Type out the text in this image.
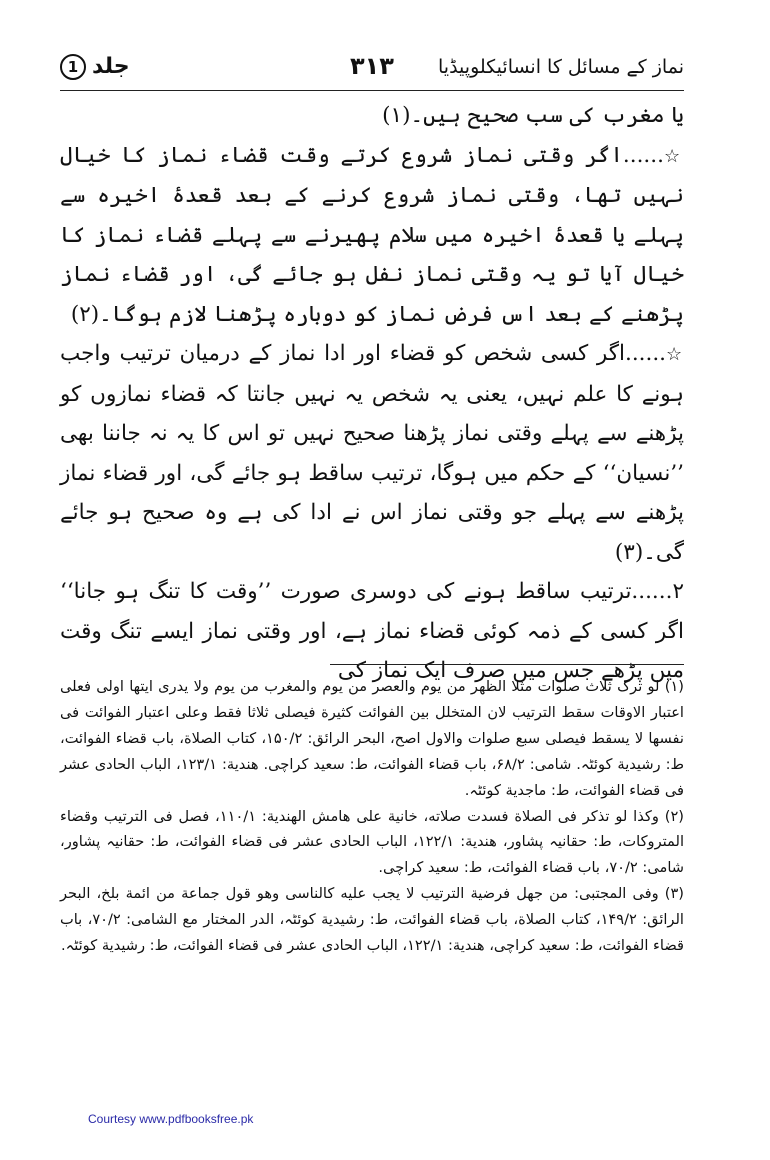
1 جلد	۳۱۳ نماز کے مسائل کا انسائیکلوپیڈیا

یا مغرب کی سب صحیح ہیں۔(۱)

☆......اگر وقتی نماز شروع کرتے وقت قضاء نماز کا خیال نہیں تھا، وقتی نماز شروع کرنے کے بعد قعدۂ اخیرہ سے پہلے یا قعدۂ اخیرہ میں سلام پھیرنے سے پہلے قضاء نماز کا خیال آیا تو یہ وقتی نماز نفل ہو جائے گی، اور قضاء نماز پڑھنے کے بعد اس فرض نماز کو دوبارہ پڑھنا لازم ہوگا۔(۲)

☆......اگر کسی شخص کو قضاء اور ادا نماز کے درمیان ترتیب واجب ہونے کا علم نہیں، یعنی یہ شخص یہ نہیں جانتا کہ قضاء نمازوں کو پڑھنے سے پہلے وقتی نماز پڑھنا صحیح نہیں تو اس کا یہ نہ جاننا بھی ’’نسیان‘‘ کے حکم میں ہوگا، ترتیب ساقط ہو جائے گی، اور قضاء نماز پڑھنے سے پہلے جو وقتی نماز اس نے ادا کی ہے وہ صحیح ہو جائے گی۔(۳)

۲......ترتیب ساقط ہونے کی دوسری صورت ’’وقت کا تنگ ہو جانا‘‘ اگر کسی کے ذمہ کوئی قضاء نماز ہے، اور وقتی نماز ایسے تنگ وقت میں پڑھے جس میں صرف ایک نماز کی

(۱) لو ترک ثلاث صلوات مثلا الظهر من یوم والعصر من یوم والمغرب من یوم ولا یدری ایتها اولی فعلی اعتبار الاوقات سقط الترتیب لان المتخلل بین الفوائت کثیرة فیصلی ثلاثا فقط وعلی اعتبار الفوائت فی نفسها لا یسقط فیصلی سبع صلوات والاول اصح، البحر الرائق: ۱۵۰/۲، کتاب الصلاة، باب قضاء الفوائت، ط: رشیدیة کوئٹہ. شامی: ۶۸/۲، باب قضاء الفوائت، ط: سعید کراچی. هندیة: ۱۲۳/۱، الباب الحادی عشر فی قضاء الفوائت، ط: ماجدیة کوئٹہ.

(۲) وکذا لو تذکر فی الصلاة فسدت صلاته، خانیة علی هامش الهندیة: ۱۱۰/۱، فصل فی الترتیب وقضاء المتروکات، ط: حقانیہ پشاور، هندیة: ۱۲۲/۱، الباب الحادی عشر فی قضاء الفوائت، ط: حقانیہ پشاور، شامی: ۷۰/۲، باب قضاء الفوائت، ط: سعید کراچی.

(۳) وفی المجتبی: من جهل فرضیة الترتیب لا یجب علیه کالناسی وهو قول جماعة من ائمة بلخ، البحر الرائق: ۱۴۹/۲، کتاب الصلاة، باب قضاء الفوائت، ط: رشیدیة کوئٹہ، الدر المختار مع الشامی: ۷۰/۲، باب قضاء الفوائت، ط: سعید کراچی، هندیة: ۱۲۲/۱، الباب الحادی عشر فی قضاء الفوائت، ط: رشیدیة کوئٹہ.

Courtesy www.pdfbooksfree.pk
